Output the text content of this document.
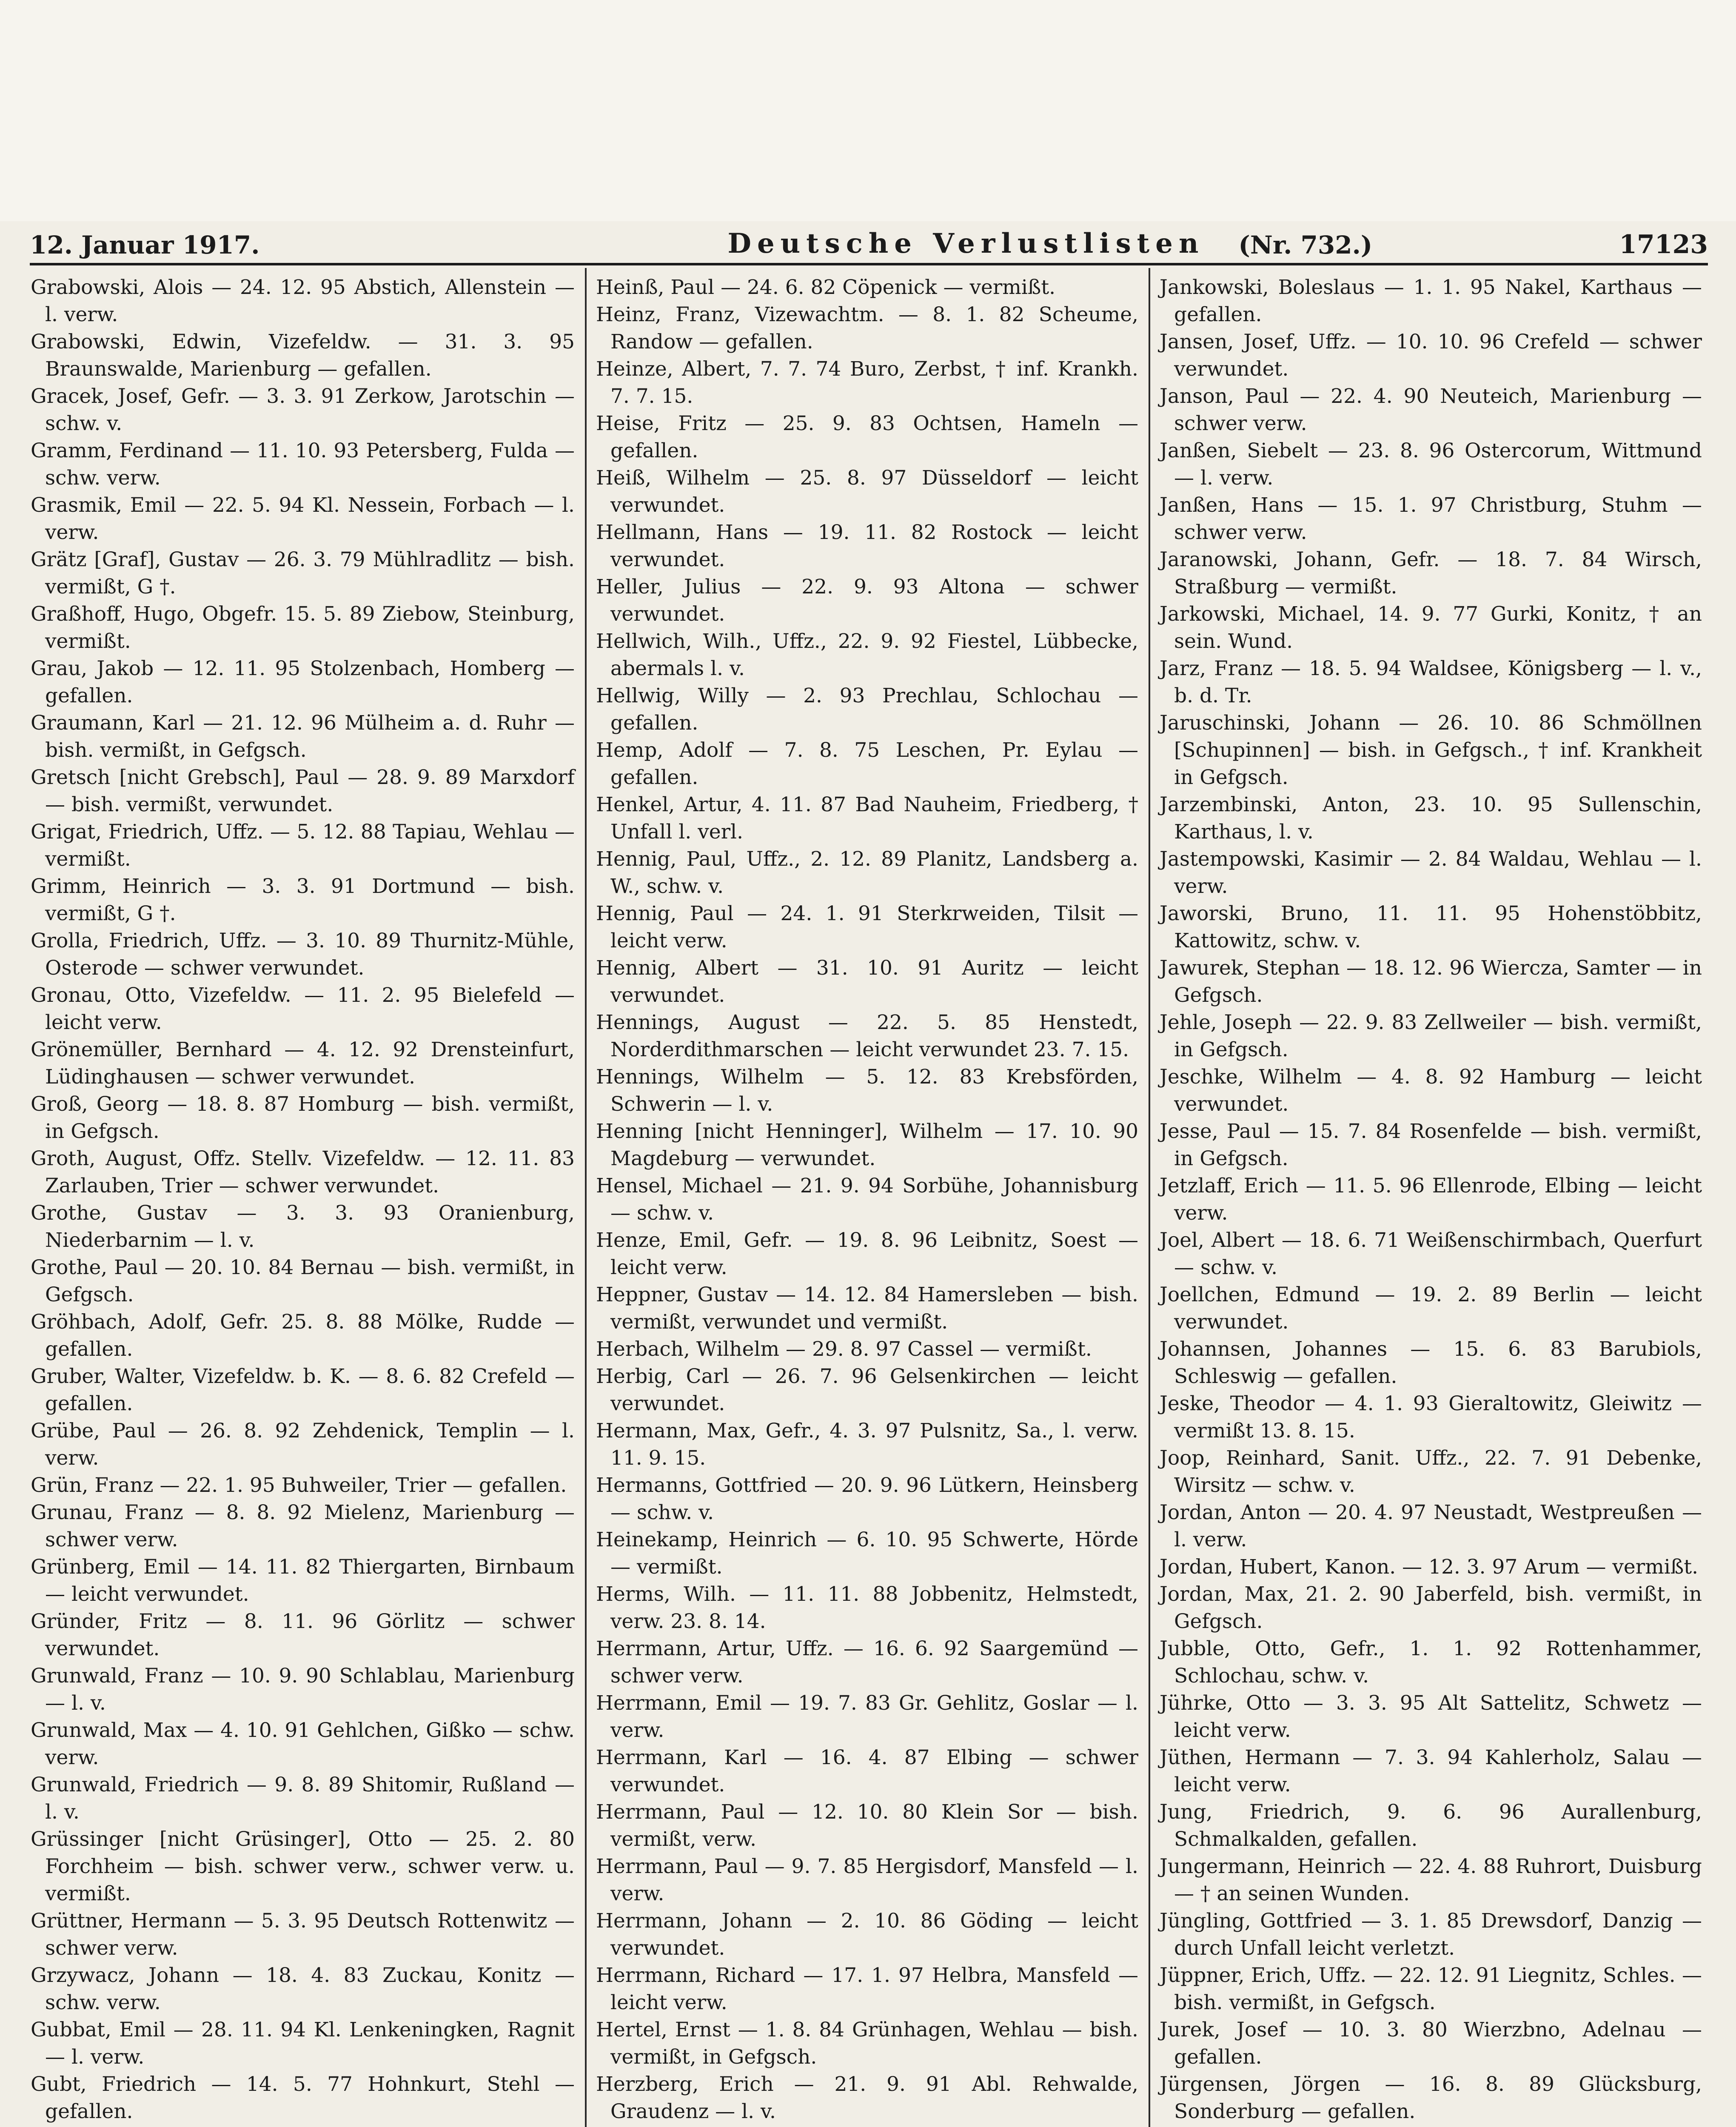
12. Januar 1917.	Deutsche Verlustlisten (Nr. 732.)	17123

Grabowski, Alois — 24. 12. 95 Abstich, Allenstein — l. verw.

Grabowski, Edwin, Vizefeldw. — 31. 3. 95 Braunswalde, Marienburg — gefallen.

Gracek, Josef, Gefr. — 3. 3. 91 Zerkow, Jarotschin — schw. v.

Gramm, Ferdinand — 11. 10. 93 Petersberg, Fulda — schw. verw.

Grasmik, Emil — 22. 5. 94 Kl. Nessein, Forbach — l. verw.

Grätz [Graf], Gustav — 26. 3. 79 Mühlradlitz — bish. vermißt, G †.

Graßhoff, Hugo, Obgefr. 15. 5. 89 Ziebow, Steinburg, vermißt.

Grau, Jakob — 12. 11. 95 Stolzenbach, Homberg — gefallen.

Graumann, Karl — 21. 12. 96 Mülheim a. d. Ruhr — bish. vermißt, in Gefgsch.

Gretsch [nicht Grebsch], Paul — 28. 9. 89 Marxdorf — bish. vermißt, verwundet.

Grigat, Friedrich, Uffz. — 5. 12. 88 Tapiau, Wehlau — vermißt.

Grimm, Heinrich — 3. 3. 91 Dortmund — bish. vermißt, G †.

Grolla, Friedrich, Uffz. — 3. 10. 89 Thurnitz-Mühle, Osterode — schwer verwundet.

Gronau, Otto, Vizefeldw. — 11. 2. 95 Bielefeld — leicht verw.

Grönemüller, Bernhard — 4. 12. 92 Drensteinfurt, Lüdinghausen — schwer verwundet.

Groß, Georg — 18. 8. 87 Homburg — bish. vermißt, in Gefgsch.

Groth, August, Offz. Stellv. Vizefeldw. — 12. 11. 83 Zarlauben, Trier — schwer verwundet.

Grothe, Gustav — 3. 3. 93 Oranienburg, Niederbarnim — l. v.

Grothe, Paul — 20. 10. 84 Bernau — bish. vermißt, in Gefgsch.

Gröhbach, Adolf, Gefr. 25. 8. 88 Mölke, Rudde — gefallen.

Gruber, Walter, Vizefeldw. b. K. — 8. 6. 82 Crefeld — gefallen.

Grübe, Paul — 26. 8. 92 Zehdenick, Templin — l. verw.

Grün, Franz — 22. 1. 95 Buhweiler, Trier — gefallen.

Grunau, Franz — 8. 8. 92 Mielenz, Marienburg — schwer verw.

Grünberg, Emil — 14. 11. 82 Thiergarten, Birnbaum — leicht verwundet.

Gründer, Fritz — 8. 11. 96 Görlitz — schwer verwundet.

Grunwald, Franz — 10. 9. 90 Schlablau, Marienburg — l. v.

Grunwald, Max — 4. 10. 91 Gehlchen, Gißko — schw. verw.

Grunwald, Friedrich — 9. 8. 89 Shitomir, Rußland — l. v.

Grüssinger [nicht Grüsinger], Otto — 25. 2. 80 Forchheim — bish. schwer verw., schwer verw. u. vermißt.

Grüttner, Hermann — 5. 3. 95 Deutsch Rottenwitz — schwer verw.

Grzywacz, Johann — 18. 4. 83 Zuckau, Konitz — schw. verw.

Gubbat, Emil — 28. 11. 94 Kl. Lenkeningken, Ragnit — l. verw.

Gubt, Friedrich — 14. 5. 77 Hohnkurt, Stehl — gefallen.

Heinß, Paul — 24. 6. 82 Cöpenick — vermißt.

Heinz, Franz, Vizewachtm. — 8. 1. 82 Scheume, Randow — gefallen.

Heinze, Albert, 7. 7. 74 Buro, Zerbst, † inf. Krankh. 7. 7. 15.

Heise, Fritz — 25. 9. 83 Ochtsen, Hameln — gefallen.

Heiß, Wilhelm — 25. 8. 97 Düsseldorf — leicht verwundet.

Hellmann, Hans — 19. 11. 82 Rostock — leicht verwundet.

Heller, Julius — 22. 9. 93 Altona — schwer verwundet.

Hellwich, Wilh., Uffz., 22. 9. 92 Fiestel, Lübbecke, abermals l. v.

Hellwig, Willy — 2. 93 Prechlau, Schlochau — gefallen.

Hemp, Adolf — 7. 8. 75 Leschen, Pr. Eylau — gefallen.

Henkel, Artur, 4. 11. 87 Bad Nauheim, Friedberg, † Unfall l. verl.

Hennig, Paul, Uffz., 2. 12. 89 Planitz, Landsberg a. W., schw. v.

Hennig, Paul — 24. 1. 91 Sterkrweiden, Tilsit — leicht verw.

Hennig, Albert — 31. 10. 91 Auritz — leicht verwundet.

Hennings, August — 22. 5. 85 Henstedt, Norderdithmarschen — leicht verwundet 23. 7. 15.

Hennings, Wilhelm — 5. 12. 83 Krebsförden, Schwerin — l. v.

Henning [nicht Henninger], Wilhelm — 17. 10. 90 Magdeburg — verwundet.

Hensel, Michael — 21. 9. 94 Sorbühe, Johannisburg — schw. v.

Henze, Emil, Gefr. — 19. 8. 96 Leibnitz, Soest — leicht verw.

Heppner, Gustav — 14. 12. 84 Hamersleben — bish. vermißt, verwundet und vermißt.

Herbach, Wilhelm — 29. 8. 97 Cassel — vermißt.

Herbig, Carl — 26. 7. 96 Gelsenkirchen — leicht verwundet.

Hermann, Max, Gefr., 4. 3. 97 Pulsnitz, Sa., l. verw. 11. 9. 15.

Hermanns, Gottfried — 20. 9. 96 Lütkern, Heinsberg — schw. v.

Heinekamp, Heinrich — 6. 10. 95 Schwerte, Hörde — vermißt.

Herms, Wilh. — 11. 11. 88 Jobbenitz, Helmstedt, verw. 23. 8. 14.

Herrmann, Artur, Uffz. — 16. 6. 92 Saargemünd — schwer verw.

Herrmann, Emil — 19. 7. 83 Gr. Gehlitz, Goslar — l. verw.

Herrmann, Karl — 16. 4. 87 Elbing — schwer verwundet.

Herrmann, Paul — 12. 10. 80 Klein Sor — bish. vermißt, verw.

Herrmann, Paul — 9. 7. 85 Hergisdorf, Mansfeld — l. verw.

Herrmann, Johann — 2. 10. 86 Göding — leicht verwundet.

Herrmann, Richard — 17. 1. 97 Helbra, Mansfeld — leicht verw.

Hertel, Ernst — 1. 8. 84 Grünhagen, Wehlau — bish. vermißt, in Gefgsch.

Herzberg, Erich — 21. 9. 91 Abl. Rehwalde, Graudenz — l. v.

Jankowski, Boleslaus — 1. 1. 95 Nakel, Karthaus — gefallen.

Jansen, Josef, Uffz. — 10. 10. 96 Crefeld — schwer verwundet.

Janson, Paul — 22. 4. 90 Neuteich, Marienburg — schwer verw.

Janßen, Siebelt — 23. 8. 96 Ostercorum, Wittmund — l. verw.

Janßen, Hans — 15. 1. 97 Christburg, Stuhm — schwer verw.

Jaranowski, Johann, Gefr. — 18. 7. 84 Wirsch, Straßburg — vermißt.

Jarkowski, Michael, 14. 9. 77 Gurki, Konitz, † an sein. Wund.

Jarz, Franz — 18. 5. 94 Waldsee, Königsberg — l. v., b. d. Tr.

Jaruschinski, Johann — 26. 10. 86 Schmöllnen [Schupinnen] — bish. in Gefgsch., † inf. Krankheit in Gefgsch.

Jarzembinski, Anton, 23. 10. 95 Sullenschin, Karthaus, l. v.

Jastempowski, Kasimir — 2. 84 Waldau, Wehlau — l. verw.

Jaworski, Bruno, 11. 11. 95 Hohenstöbbitz, Kattowitz, schw. v.

Jawurek, Stephan — 18. 12. 96 Wiercza, Samter — in Gefgsch.

Jehle, Joseph — 22. 9. 83 Zellweiler — bish. vermißt, in Gefgsch.

Jeschke, Wilhelm — 4. 8. 92 Hamburg — leicht verwundet.

Jesse, Paul — 15. 7. 84 Rosenfelde — bish. vermißt, in Gefgsch.

Jetzlaff, Erich — 11. 5. 96 Ellenrode, Elbing — leicht verw.

Joel, Albert — 18. 6. 71 Weißenschirmbach, Querfurt — schw. v.

Joellchen, Edmund — 19. 2. 89 Berlin — leicht verwundet.

Johannsen, Johannes — 15. 6. 83 Barubiols, Schleswig — gefallen.

Jeske, Theodor — 4. 1. 93 Gieraltowitz, Gleiwitz — vermißt 13. 8. 15.

Joop, Reinhard, Sanit. Uffz., 22. 7. 91 Debenke, Wirsitz — schw. v.

Jordan, Anton — 20. 4. 97 Neustadt, Westpreußen — l. verw.

Jordan, Hubert, Kanon. — 12. 3. 97 Arum — vermißt.

Jordan, Max, 21. 2. 90 Jaberfeld, bish. vermißt, in Gefgsch.

Jubble, Otto, Gefr., 1. 1. 92 Rottenhammer, Schlochau, schw. v.

Jührke, Otto — 3. 3. 95 Alt Sattelitz, Schwetz — leicht verw.

Jüthen, Hermann — 7. 3. 94 Kahlerholz, Salau — leicht verw.

Jung, Friedrich, 9. 6. 96 Aurallenburg, Schmalkalden, gefallen.

Jungermann, Heinrich — 22. 4. 88 Ruhrort, Duisburg — † an seinen Wunden.

Jüngling, Gottfried — 3. 1. 85 Drewsdorf, Danzig — durch Unfall leicht verletzt.

Jüppner, Erich, Uffz. — 22. 12. 91 Liegnitz, Schles. — bish. vermißt, in Gefgsch.

Jurek, Josef — 10. 3. 80 Wierzbno, Adelnau — gefallen.

Jürgensen, Jörgen — 16. 8. 89 Glücksburg, Sonderburg — gefallen.
